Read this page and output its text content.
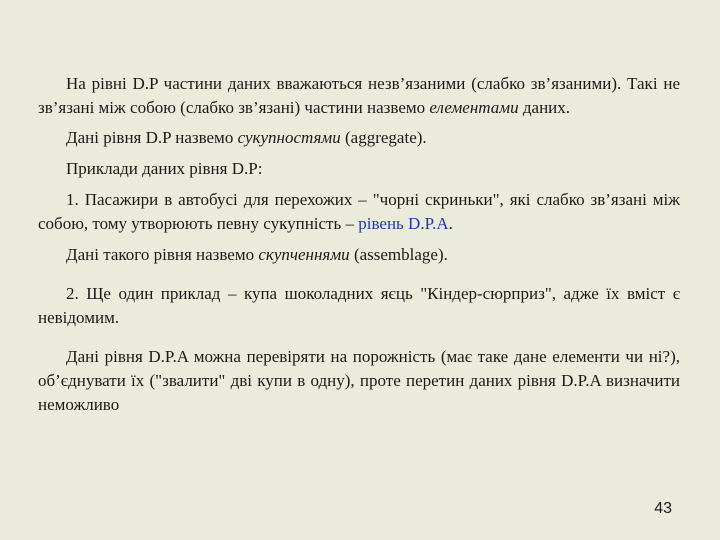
На рівні D.P частини даних вважаються незв’язаними (слабко зв’язаними). Такі не зв’язані між собою (слабко зв’язані) частини назвемо елементами даних.

Дані рівня D.P назвемо сукупностями (aggregate).

Приклади даних рівня D.P:

1. Пасажири в автобусі для перехожих – "чорні скриньки", які слабко зв’язані між собою, тому утворюють певну сукупність – рівень D.P.A.

Дані такого рівня назвемо скупченнями (assemblage).

2. Ще один приклад – купа шоколадних яєць "Кіндер-сюрприз", адже їх вміст є невідомим.

Дані рівня D.P.A можна перевіряти на порожність (має таке дане елементи чи ні?), об’єднувати їх ("звалити" дві купи в одну), проте перетин даних рівня D.P.A визначити неможливо

43
